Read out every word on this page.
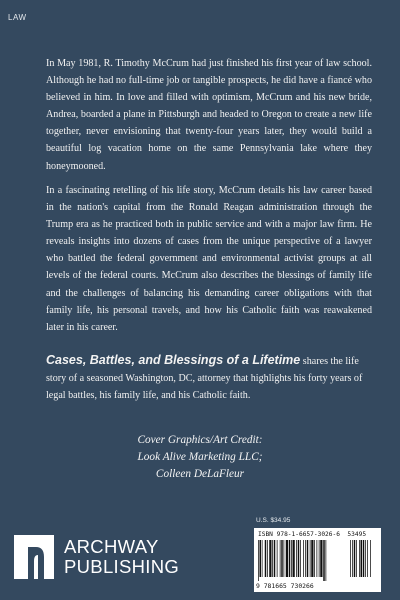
LAW

In May 1981, R. Timothy McCrum had just finished his first year of law school. Although he had no full-time job or tangible prospects, he did have a fiancé who believed in him. In love and filled with optimism, McCrum and his new bride, Andrea, boarded a plane in Pittsburgh and headed to Oregon to create a new life together, never envisioning that twenty-four years later, they would build a beautiful log vacation home on the same Pennsylvania lake where they honeymooned.

In a fascinating retelling of his life story, McCrum details his law career based in the nation's capital from the Ronald Reagan administration through the Trump era as he practiced both in public service and with a major law firm. He reveals insights into dozens of cases from the unique perspective of a lawyer who battled the federal government and environmental activist groups at all levels of the federal courts. McCrum also describes the blessings of family life and the challenges of balancing his demanding career obligations with that family life, his personal travels, and how his Catholic faith was reawakened later in his career.

Cases, Battles, and Blessings of a Lifetime shares the life story of a seasoned Washington, DC, attorney that highlights his forty years of legal battles, his family life, and his Catholic faith.

Cover Graphics/Art Credit:
Look Alive Marketing LLC;
Colleen DeLaFleur
ARCHWAY
PUBLISHING
U.S. $34.95
ISBN 978-1-6657-3026-6 53495
9 781665 730266
